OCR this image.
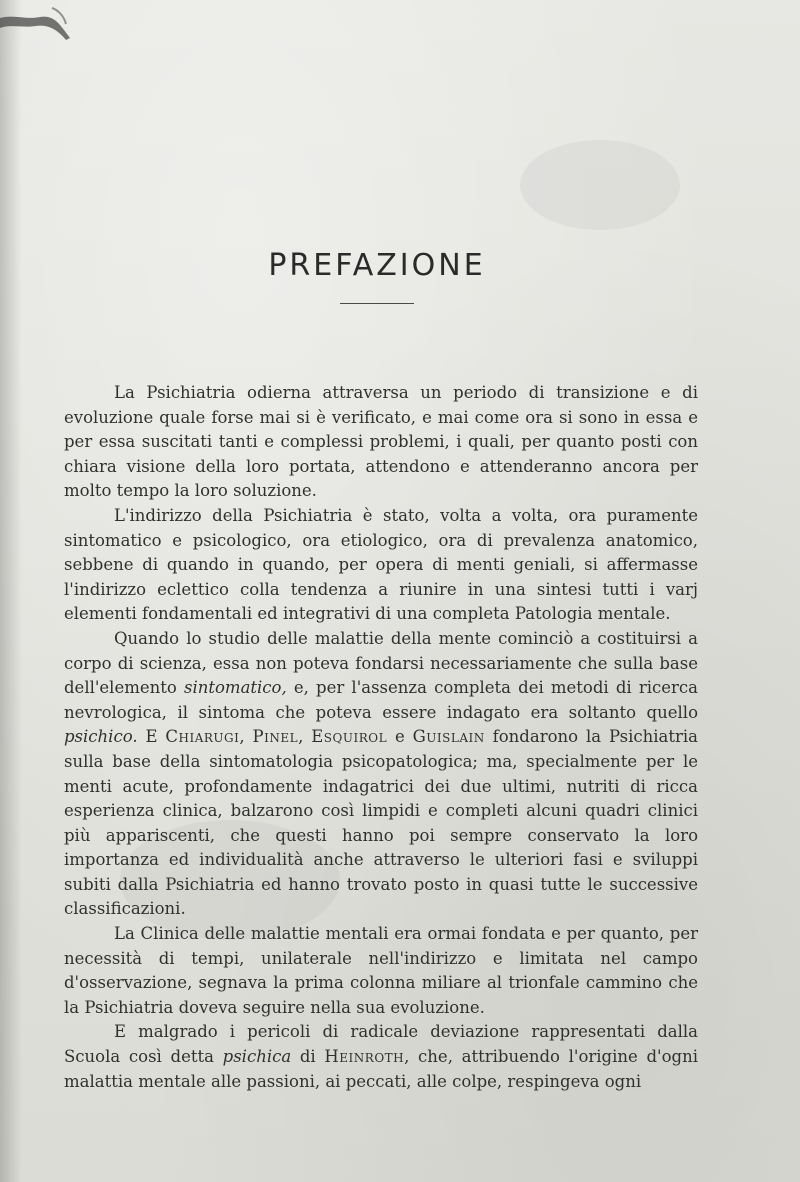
PREFAZIONE

La Psichiatria odierna attraversa un periodo di transizione e di evoluzione quale forse mai si è verificato, e mai come ora si sono in essa e per essa suscitati tanti e complessi problemi, i quali, per quanto posti con chiara visione della loro portata, attendono e attenderanno ancora per molto tempo la loro soluzione.

L'indirizzo della Psichiatria è stato, volta a volta, ora puramente sintomatico e psicologico, ora etiologico, ora di prevalenza anatomico, sebbene di quando in quando, per opera di menti geniali, si affermasse l'indirizzo eclettico colla tendenza a riunire in una sintesi tutti i varj elementi fondamentali ed integrativi di una completa Patologia mentale.

Quando lo studio delle malattie della mente cominciò a costituirsi a corpo di scienza, essa non poteva fondarsi necessariamente che sulla base dell'elemento sintomatico, e, per l'assenza completa dei metodi di ricerca nevrologica, il sintoma che poteva essere indagato era soltanto quello psichico. E Chiarugi, Pinel, Esquirol e Guislain fondarono la Psichiatria sulla base della sintomatologia psicopatologica; ma, specialmente per le menti acute, profondamente indagatrici dei due ultimi, nutriti di ricca esperienza clinica, balzarono così limpidi e completi alcuni quadri clinici più appariscenti, che questi hanno poi sempre conservato la loro importanza ed individualità anche attraverso le ulteriori fasi e sviluppi subiti dalla Psichiatria ed hanno trovato posto in quasi tutte le successive classificazioni.

La Clinica delle malattie mentali era ormai fondata e per quanto, per necessità di tempi, unilaterale nell'indirizzo e limitata nel campo d'osservazione, segnava la prima colonna miliare al trionfale cammino che la Psichiatria doveva seguire nella sua evoluzione.

E malgrado i pericoli di radicale deviazione rappresentati dalla Scuola così detta psichica di Heinroth, che, attribuendo l'origine d'ogni malattia mentale alle passioni, ai peccati, alle colpe, respingeva ogni
